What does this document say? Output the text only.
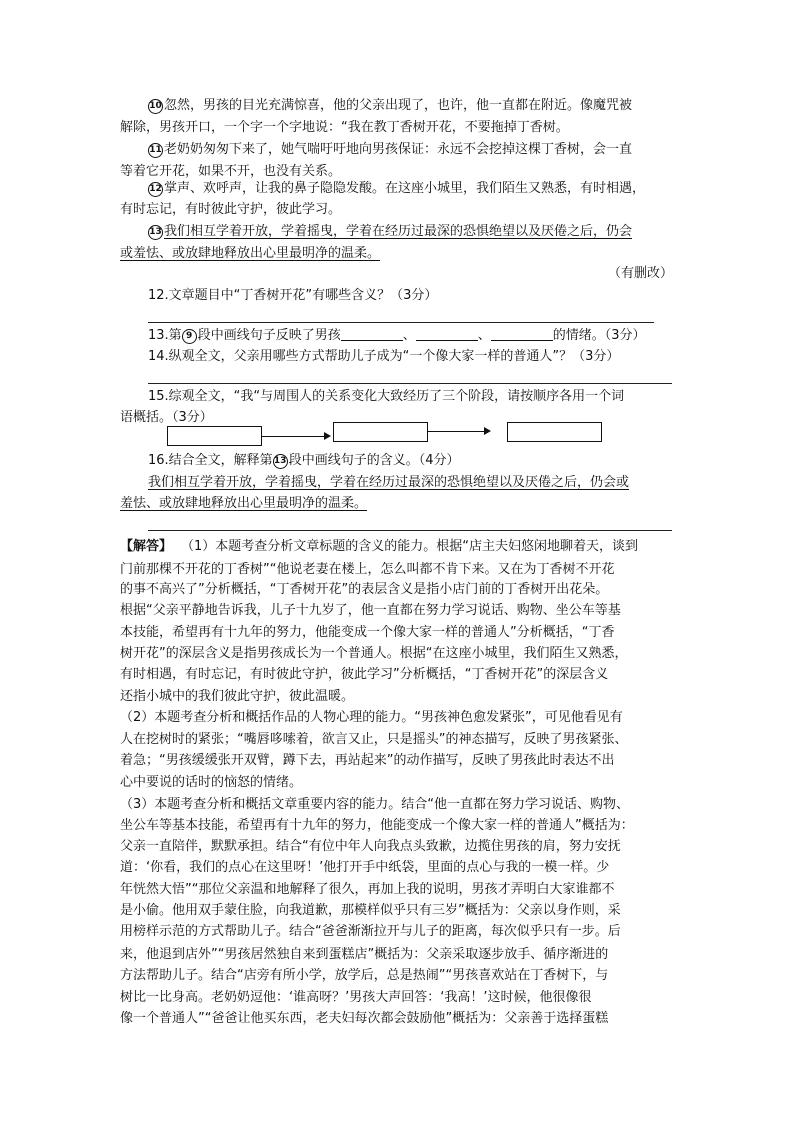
10 忽然，男孩的目光充满惊喜，他的父亲出现了，也许，他一直都在附近。像魔咒被
解除，男孩开口，一个字一个字地说：“我在教丁香树开花，不要拖掉丁香树。
11 老奶奶匆匆下来了，她气喘吁吁地向男孩保证：永远不会挖掉这棵丁香树，会一直
等着它开花，如果不开，也没有关系。
12 掌声、欢呼声，让我的鼻子隐隐发酸。在这座小城里，我们陌生又熟悉，有时相遇，
有时忘记，有时彼此守护，彼此学习。
13 我们相互学着开放，学着摇曳，学着在经历过最深的恐惧绝望以及厌倦之后，仍会
或羞怯、或放肆地释放出心里最明净的温柔。
（有删改）
12.文章题目中“丁香树开花”有哪些含义？（3分）
13.第 9 段中画线句子反映了男孩	、	、	的情绪。（3分）
14.纵观全文，父亲用哪些方式帮助儿子成为“一个像大家一样的普通人”？（3分）
15.综观全文，“我“与周围人的关系变化大致经历了三个阶段，请按顺序各用一个词
语概括。（3分）
16.结合全文，解释第13 段中画线句子的含义。（4分）
我们相互学着开放，学着摇曳，学着在经历过最深的恐惧绝望以及厌倦之后，仍会或
羞怯、或放肆地释放出心里最明净的温柔。
（1）本题考查分析文章标题的含义的能力。根据“店主夫妇悠闲地聊着天，谈到
门前那棵不开花的丁香树”“他说老妻在楼上，怎么叫都不肯下来。又在为丁香树不开花
的事不高兴了”分析概括，“丁香树开花”的表层含义是指小店门前的丁香树开出花朵。
根据“父亲平静地告诉我，儿子十九岁了，他一直都在努力学习说话、购物、坐公车等基
本技能，希望再有十九年的努力，他能变成一个像大家一样的普通人”分析概括，“丁香
树开花”的深层含义是指男孩成长为一个普通人。根据“在这座小城里，我们陌生又熟悉，
有时相遇，有时忘记，有时彼此守护，彼此学习”分析概括，“丁香树开花”的深层含义
还指小城中的我们彼此守护，彼此温暖。
（2）本题考查分析和概括作品的人物心理的能力。“男孩神色愈发紧张”，可见他看见有
人在挖树时的紧张；“嘴唇哆嗦着，欲言又止，只是摇头”的神态描写，反映了男孩紧张、
着急；“男孩缓缓张开双臂，蹲下去，再站起来”的动作描写，反映了男孩此时表达不出
心中要说的话时的恼怒的情绪。
（3）本题考查分析和概括文章重要内容的能力。结合“他一直都在努力学习说话、购物、
坐公车等基本技能，希望再有十九年的努力，他能变成一个像大家一样的普通人”概括为：
父亲一直陪伴，默默承担。结合“有位中年人向我点头致歉，边揽住男孩的肩，努力安抚
道：‘你看，我们的点心在这里呀！’他打开手中纸袋，里面的点心与我的一模一样。少
年恍然大悟”“那位父亲温和地解释了很久，再加上我的说明，男孩才弄明白大家谁都不
是小偷。他用双手蒙住脸，向我道歉，那模样似乎只有三岁”概括为：父亲以身作则，采
用榜样示范的方式帮助儿子。结合“爸爸渐渐拉开与儿子的距离，每次似乎只有一步。后
来，他退到店外”“男孩居然独自来到蛋糕店”概括为：父亲采取逐步放手、循序渐进的
方法帮助儿子。结合“店旁有所小学，放学后，总是热闹”“男孩喜欢站在丁香树下，与
树比一比身高。老奶奶逗他：‘谁高呀？’男孩大声回答：‘我高！’这时候，他很像很
像一个普通人”“爸爸让他买东西，老夫妇每次都会鼓励他”概括为：父亲善于选择蛋糕
【解答】
